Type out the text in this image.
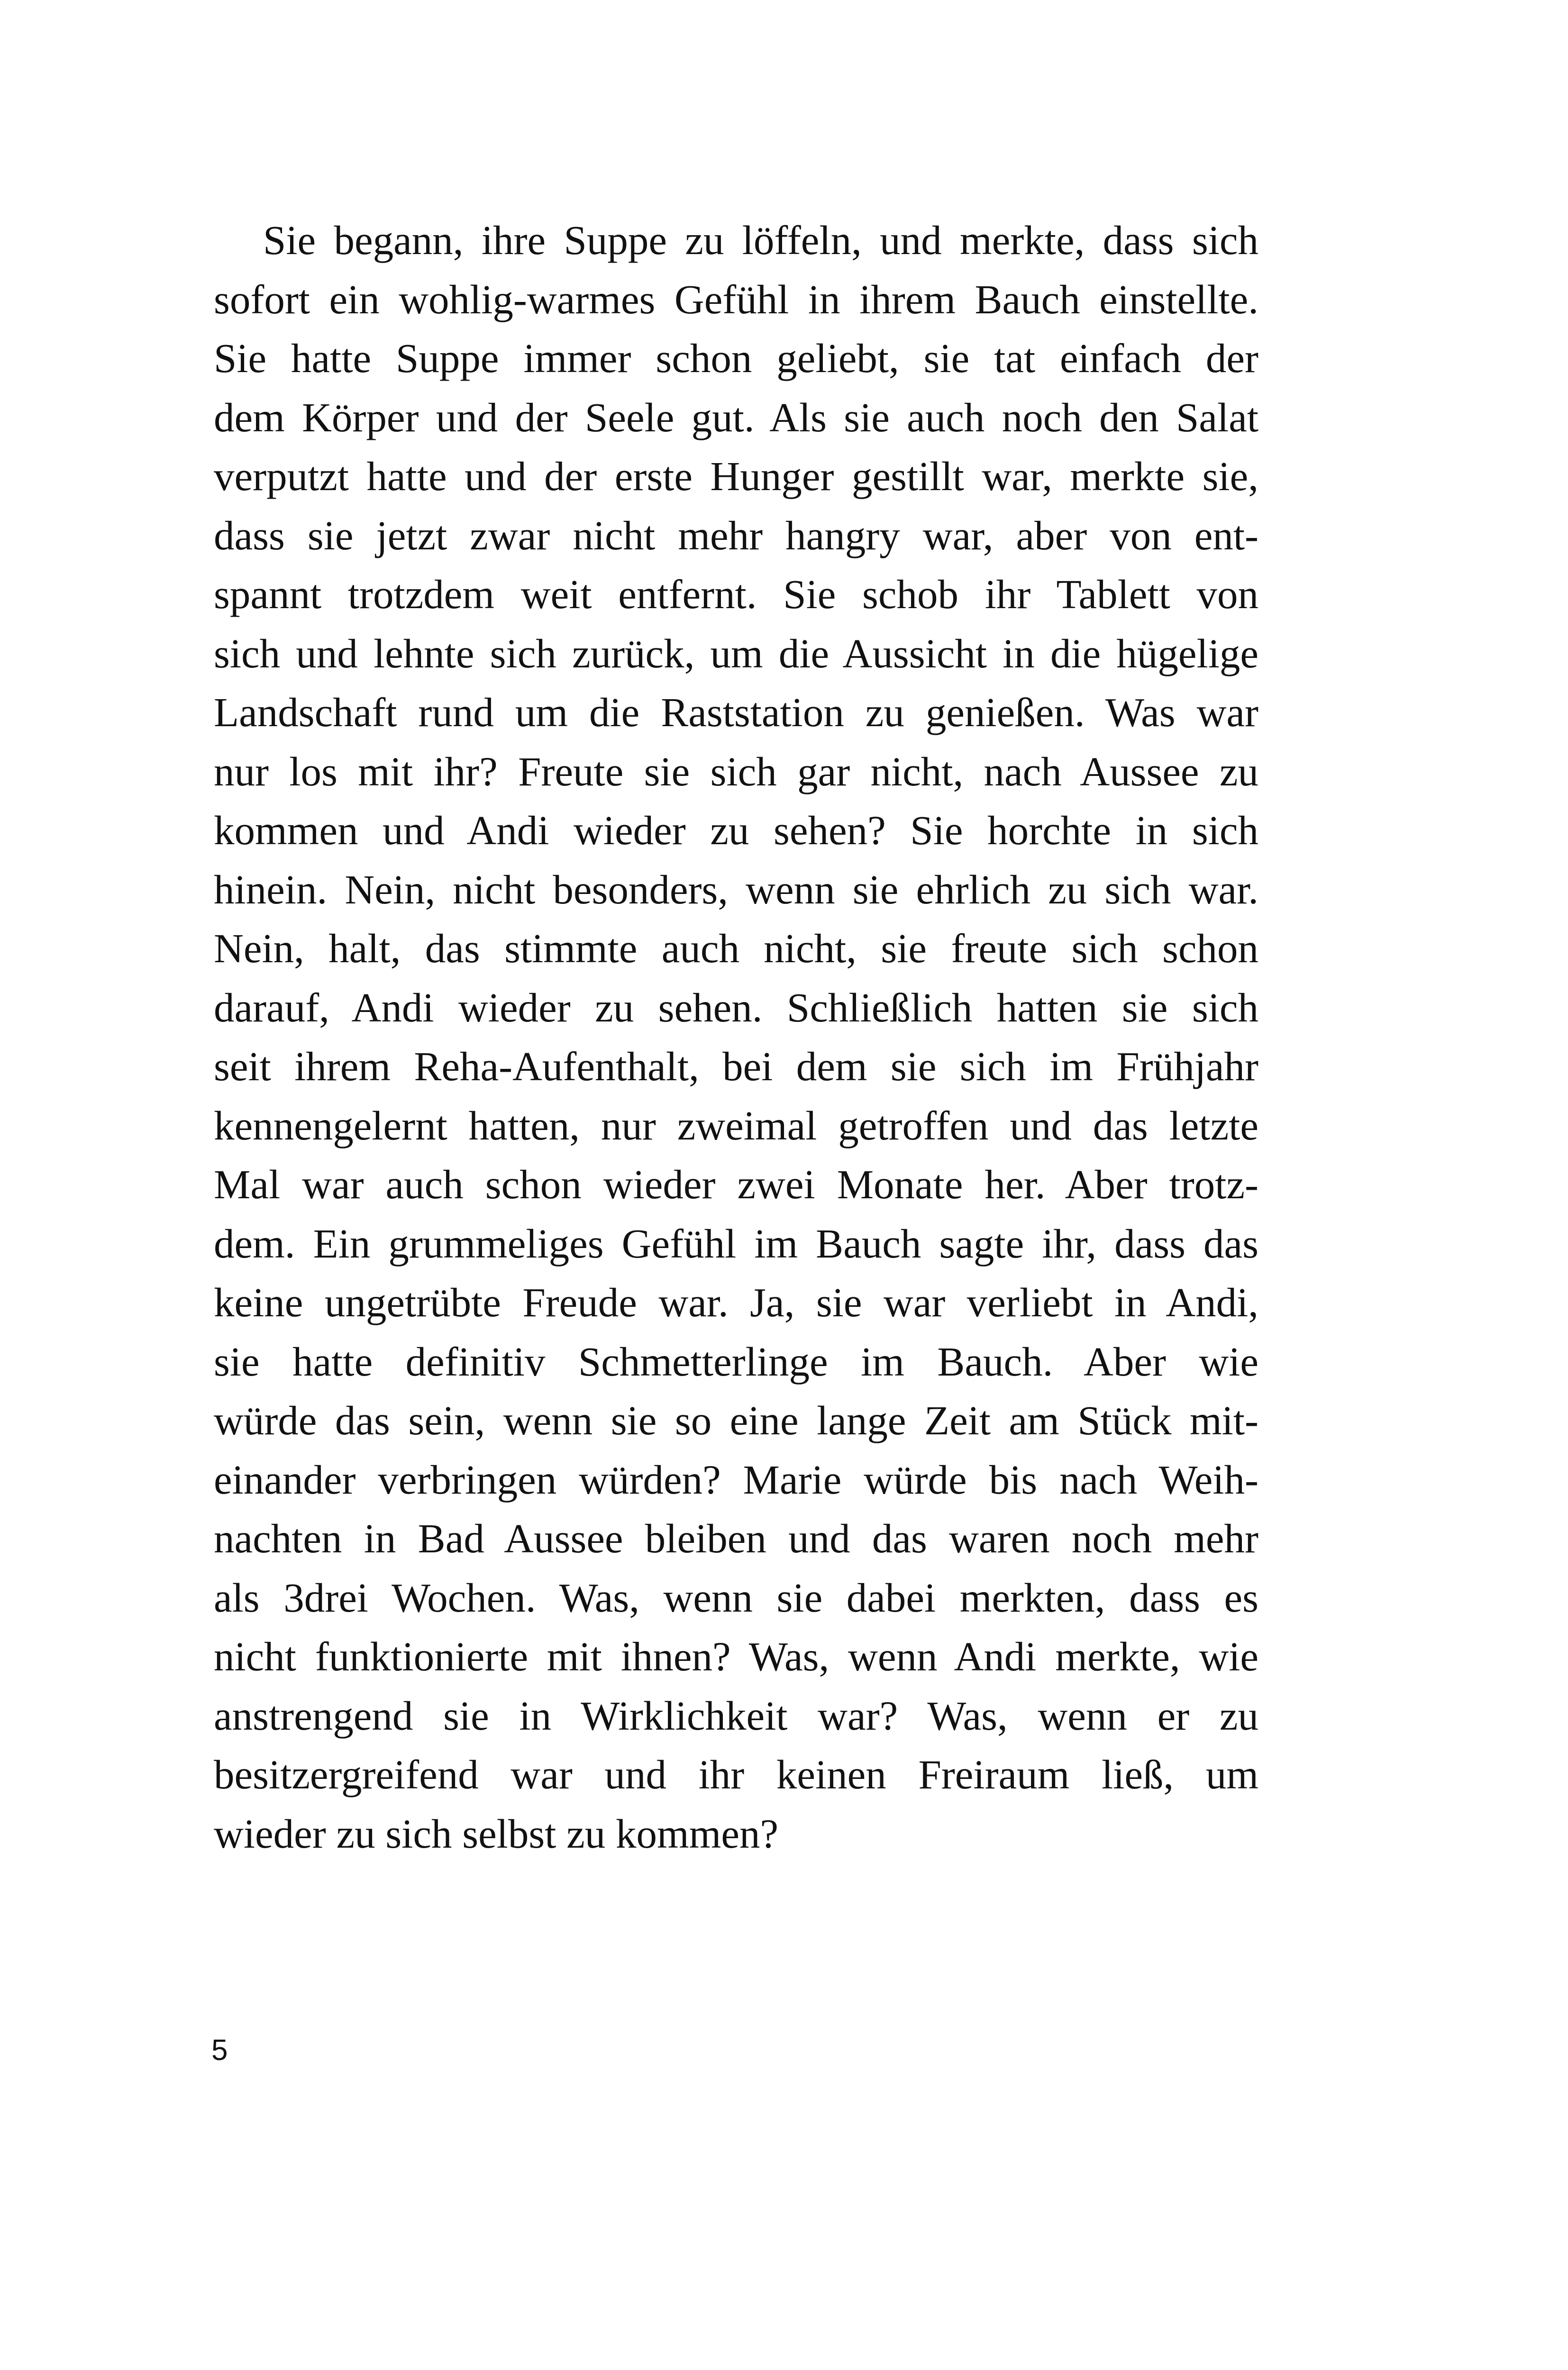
Sie begann, ihre Suppe zu löffeln, und merkte, dass sich
sofort ein wohlig-warmes Gefühl in ihrem Bauch einstellte.
Sie hatte Suppe immer schon geliebt, sie tat einfach der
dem Körper und der Seele gut. Als sie auch noch den Salat
verputzt hatte und der erste Hunger gestillt war, merkte sie,
dass sie jetzt zwar nicht mehr hangry war, aber von ent-
spannt trotzdem weit entfernt. Sie schob ihr Tablett von
sich und lehnte sich zurück, um die Aussicht in die hügelige
Landschaft rund um die Raststation zu genießen. Was war
nur los mit ihr? Freute sie sich gar nicht, nach Aussee zu
kommen und Andi wieder zu sehen? Sie horchte in sich
hinein. Nein, nicht besonders, wenn sie ehrlich zu sich war.
Nein, halt, das stimmte auch nicht, sie freute sich schon
darauf, Andi wieder zu sehen. Schließlich hatten sie sich
seit ihrem Reha-Aufenthalt, bei dem sie sich im Frühjahr
kennengelernt hatten, nur zweimal getroffen und das letzte
Mal war auch schon wieder zwei Monate her. Aber trotz-
dem. Ein grummeliges Gefühl im Bauch sagte ihr, dass das
keine ungetrübte Freude war. Ja, sie war verliebt in Andi,
sie hatte definitiv Schmetterlinge im Bauch. Aber wie
würde das sein, wenn sie so eine lange Zeit am Stück mit-
einander verbringen würden? Marie würde bis nach Weih-
nachten in Bad Aussee bleiben und das waren noch mehr
als 3drei Wochen. Was, wenn sie dabei merkten, dass es
nicht funktionierte mit ihnen? Was, wenn Andi merkte, wie
anstrengend sie in Wirklichkeit war? Was, wenn er zu
besitzergreifend war und ihr keinen Freiraum ließ, um
wieder zu sich selbst zu kommen?
5
